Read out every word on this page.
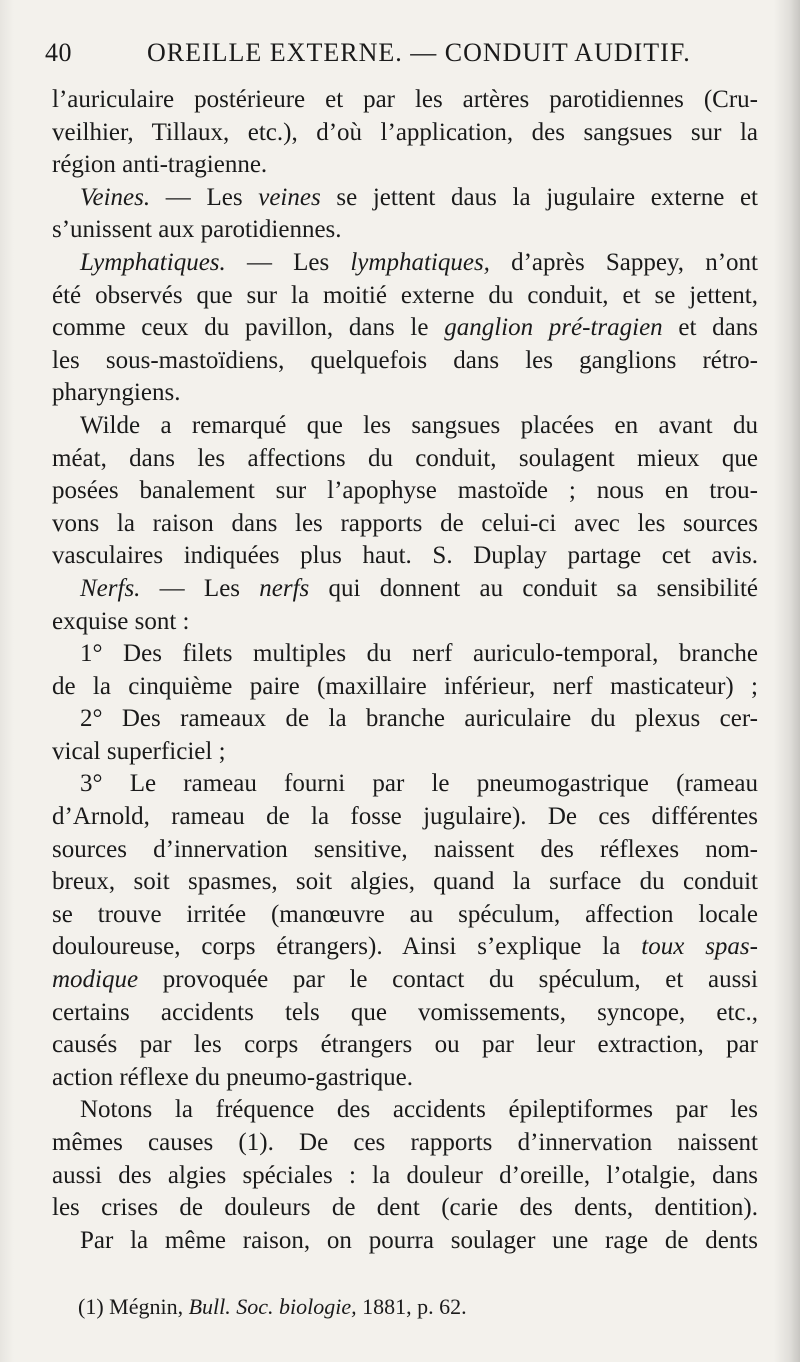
40	OREILLE EXTERNE. — CONDUIT AUDITIF.
l’auriculaire postérieure et par les artères parotidiennes (Cru-
veilhier, Tillaux, etc.), d’où l’application, des sangsues sur la
région anti-tragienne.
Veines. — Les veines se jettent daus la jugulaire externe et
s’unissent aux parotidiennes.
Lymphatiques. — Les lymphatiques, d’après Sappey, n’ont
été observés que sur la moitié externe du conduit, et se jettent,
comme ceux du pavillon, dans le ganglion pré-tragien et dans
les sous-mastoïdiens, quelquefois dans les ganglions rétro-
pharyngiens.
Wilde a remarqué que les sangsues placées en avant du
méat, dans les affections du conduit, soulagent mieux que
posées banalement sur l’apophyse mastoïde ; nous en trou-
vons la raison dans les rapports de celui-ci avec les sources
vasculaires indiquées plus haut. S. Duplay partage cet avis.
Nerfs. — Les nerfs qui donnent au conduit sa sensibilité
exquise sont :
1° Des filets multiples du nerf auriculo-temporal, branche
de la cinquième paire (maxillaire inférieur, nerf masticateur) ;
2° Des rameaux de la branche auriculaire du plexus cer-
vical superficiel ;
3° Le rameau fourni par le pneumogastrique (rameau
d’Arnold, rameau de la fosse jugulaire). De ces différentes
sources d’innervation sensitive, naissent des réflexes nom-
breux, soit spasmes, soit algies, quand la surface du conduit
se trouve irritée (manœuvre au spéculum, affection locale
douloureuse, corps étrangers). Ainsi s’explique la toux spas-
modique provoquée par le contact du spéculum, et aussi
certains accidents tels que vomissements, syncope, etc.,
causés par les corps étrangers ou par leur extraction, par
action réflexe du pneumo-gastrique.
Notons la fréquence des accidents épileptiformes par les
mêmes causes (1). De ces rapports d’innervation naissent
aussi des algies spéciales : la douleur d’oreille, l’otalgie, dans
les crises de douleurs de dent (carie des dents, dentition).
Par la même raison, on pourra soulager une rage de dents
(1) Mégnin, Bull. Soc. biologie, 1881, p. 62.
